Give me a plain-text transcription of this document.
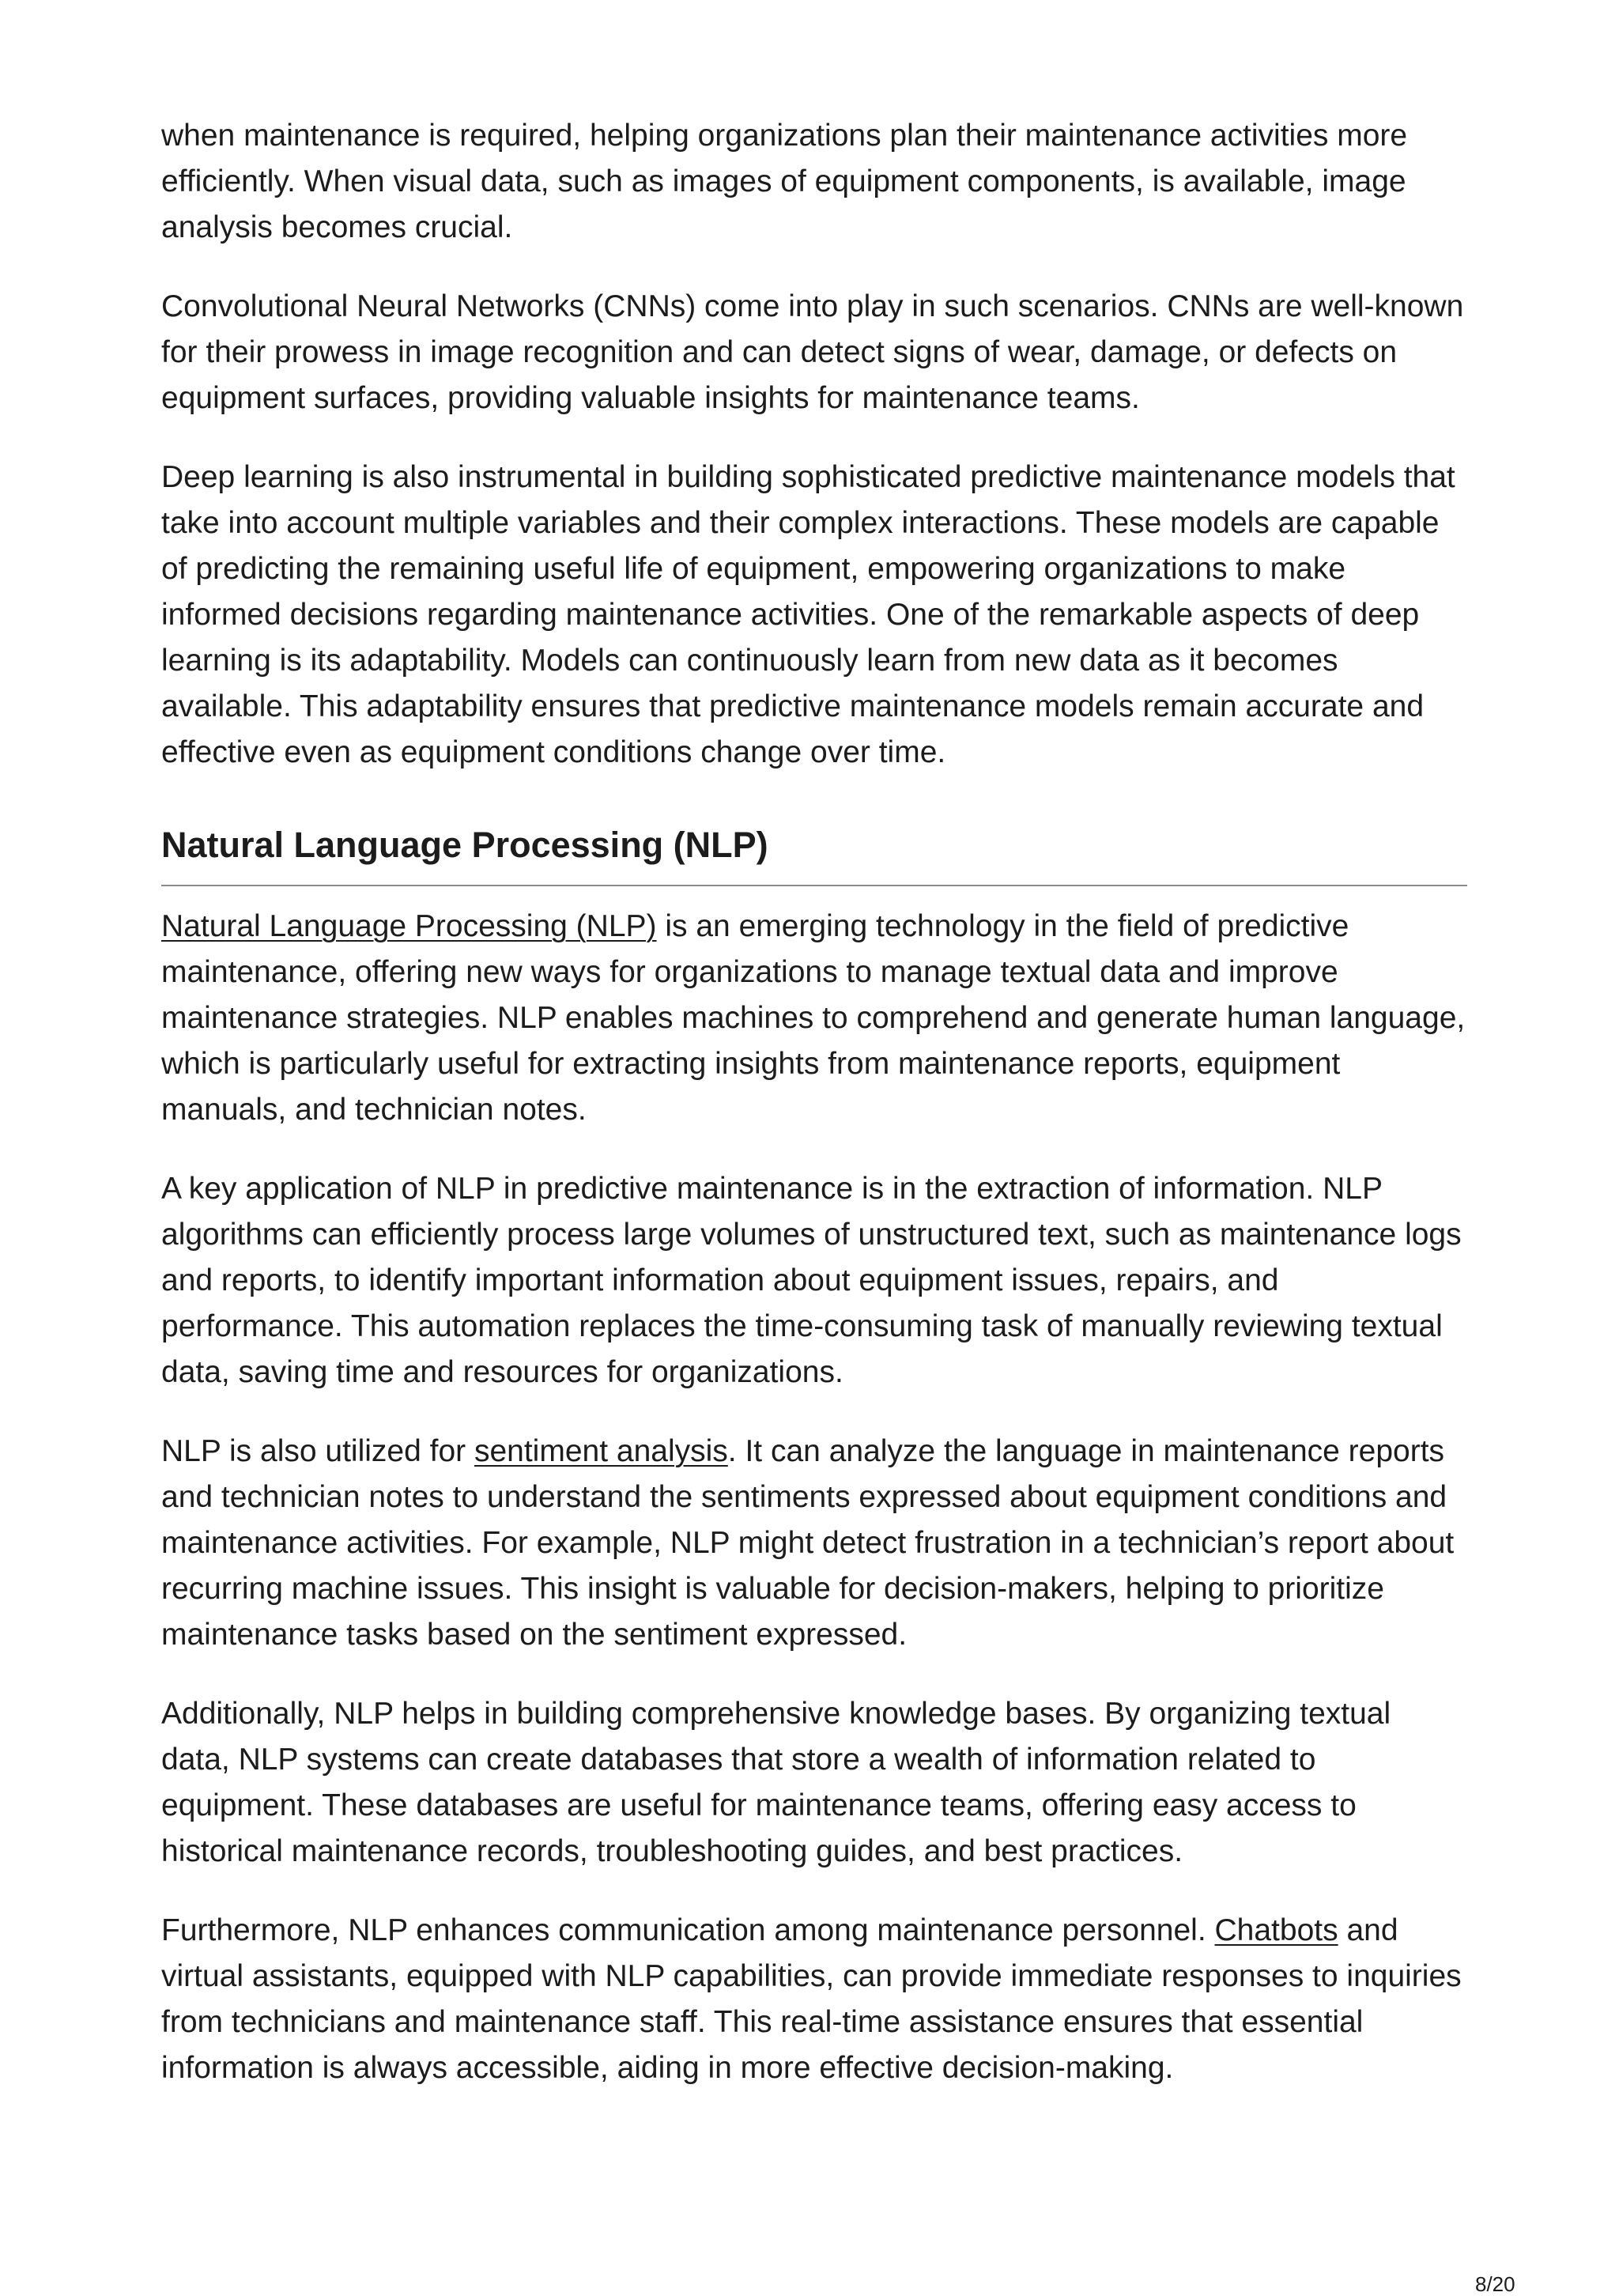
when maintenance is required, helping organizations plan their maintenance activities more efficiently. When visual data, such as images of equipment components, is available, image analysis becomes crucial.

Convolutional Neural Networks (CNNs) come into play in such scenarios. CNNs are well-known for their prowess in image recognition and can detect signs of wear, damage, or defects on equipment surfaces, providing valuable insights for maintenance teams.

Deep learning is also instrumental in building sophisticated predictive maintenance models that take into account multiple variables and their complex interactions. These models are capable of predicting the remaining useful life of equipment, empowering organizations to make informed decisions regarding maintenance activities. One of the remarkable aspects of deep learning is its adaptability. Models can continuously learn from new data as it becomes available. This adaptability ensures that predictive maintenance models remain accurate and effective even as equipment conditions change over time.

Natural Language Processing (NLP)

Natural Language Processing (NLP) is an emerging technology in the field of predictive maintenance, offering new ways for organizations to manage textual data and improve maintenance strategies. NLP enables machines to comprehend and generate human language, which is particularly useful for extracting insights from maintenance reports, equipment manuals, and technician notes.

A key application of NLP in predictive maintenance is in the extraction of information. NLP algorithms can efficiently process large volumes of unstructured text, such as maintenance logs and reports, to identify important information about equipment issues, repairs, and performance. This automation replaces the time-consuming task of manually reviewing textual data, saving time and resources for organizations.

NLP is also utilized for sentiment analysis. It can analyze the language in maintenance reports and technician notes to understand the sentiments expressed about equipment conditions and maintenance activities. For example, NLP might detect frustration in a technician’s report about recurring machine issues. This insight is valuable for decision-makers, helping to prioritize maintenance tasks based on the sentiment expressed.

Additionally, NLP helps in building comprehensive knowledge bases. By organizing textual data, NLP systems can create databases that store a wealth of information related to equipment. These databases are useful for maintenance teams, offering easy access to historical maintenance records, troubleshooting guides, and best practices.

Furthermore, NLP enhances communication among maintenance personnel. Chatbots and virtual assistants, equipped with NLP capabilities, can provide immediate responses to inquiries from technicians and maintenance staff. This real-time assistance ensures that essential information is always accessible, aiding in more effective decision-making.

8/20
